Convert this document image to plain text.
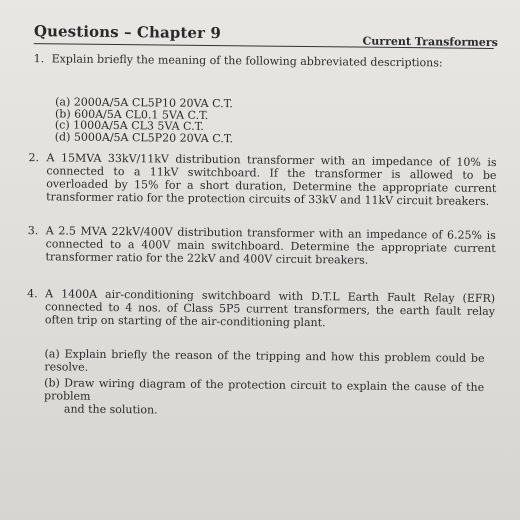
Questions – Chapter 9	Current Transformers
1. Explain briefly the meaning of the following abbreviated descriptions:
(a) 2000A/5A CL5P10 20VA C.T.
(b) 600A/5A CL0.1 5VA C.T.
(c) 1000A/5A CL3 5VA C.T.
(d) 5000A/5A CL5P20 20VA C.T.
2. A 15MVA 33kV/11kV distribution transformer with an impedance of 10% is connected to a 11kV switchboard. If the transformer is allowed to be overloaded by 15% for a short duration, Determine the appropriate current transformer ratio for the protection circuits of 33kV and 11kV circuit breakers.
3. A 2.5 MVA 22kV/400V distribution transformer with an impedance of 6.25% is connected to a 400V main switchboard. Determine the appropriate current transformer ratio for the 22kV and 400V circuit breakers.
4. A 1400A air-conditioning switchboard with D.T.L Earth Fault Relay (EFR) connected to 4 nos. of Class 5P5 current transformers, the earth fault relay often trip on starting of the air-conditioning plant.
(a) Explain briefly the reason of the tripping and how this problem could be resolve.
(b) Draw wiring diagram of the protection circuit to explain the cause of the problem
and the solution.
